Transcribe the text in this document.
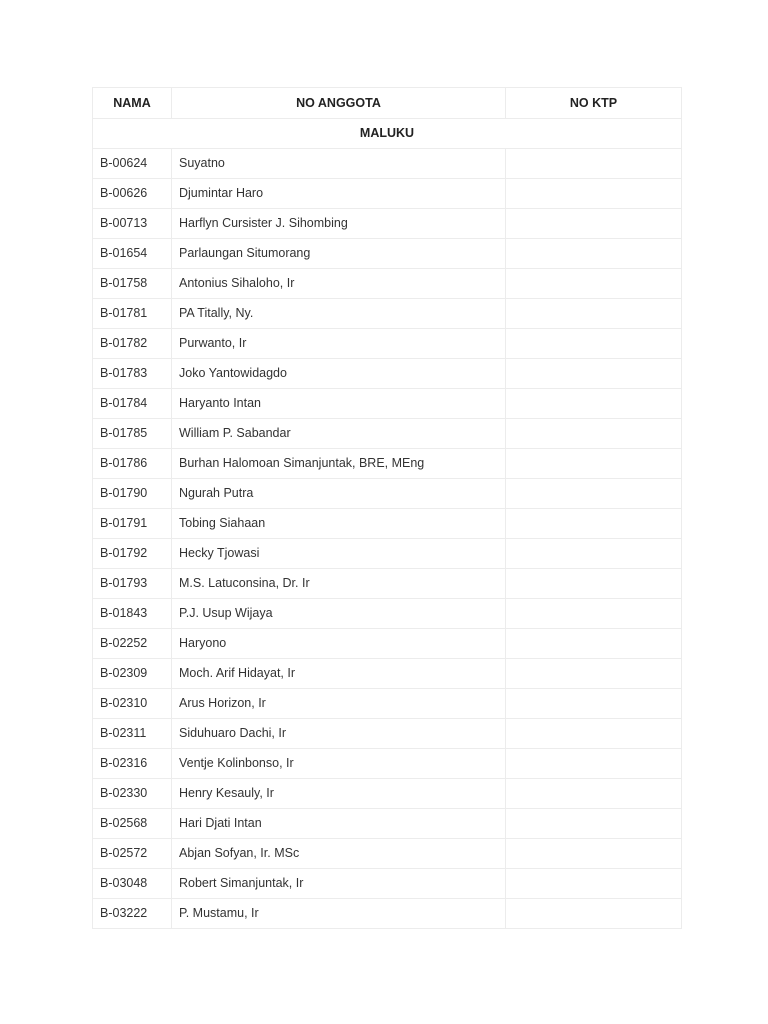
NAMA	NO ANGGOTA	NO KTP
MALUKU		
B-00624	Suyatno	
B-00626	Djumintar Haro	
B-00713	Harflyn Cursister J. Sihombing	
B-01654	Parlaungan Situmorang	
B-01758	Antonius Sihaloho, Ir	
B-01781	PA Titally, Ny.	
B-01782	Purwanto, Ir	
B-01783	Joko Yantowidagdo	
B-01784	Haryanto Intan	
B-01785	William P. Sabandar	
B-01786	Burhan Halomoan Simanjuntak, BRE, MEng	
B-01790	Ngurah Putra	
B-01791	Tobing Siahaan	
B-01792	Hecky Tjowasi	
B-01793	M.S. Latuconsina, Dr. Ir	
B-01843	P.J. Usup Wijaya	
B-02252	Haryono	
B-02309	Moch. Arif Hidayat, Ir	
B-02310	Arus Horizon, Ir	
B-02311	Siduhuaro Dachi, Ir	
B-02316	Ventje Kolinbonso, Ir	
B-02330	Henry Kesauly, Ir	
B-02568	Hari Djati Intan	
B-02572	Abjan Sofyan, Ir. MSc	
B-03048	Robert Simanjuntak, Ir	
B-03222	P. Mustamu, Ir	
